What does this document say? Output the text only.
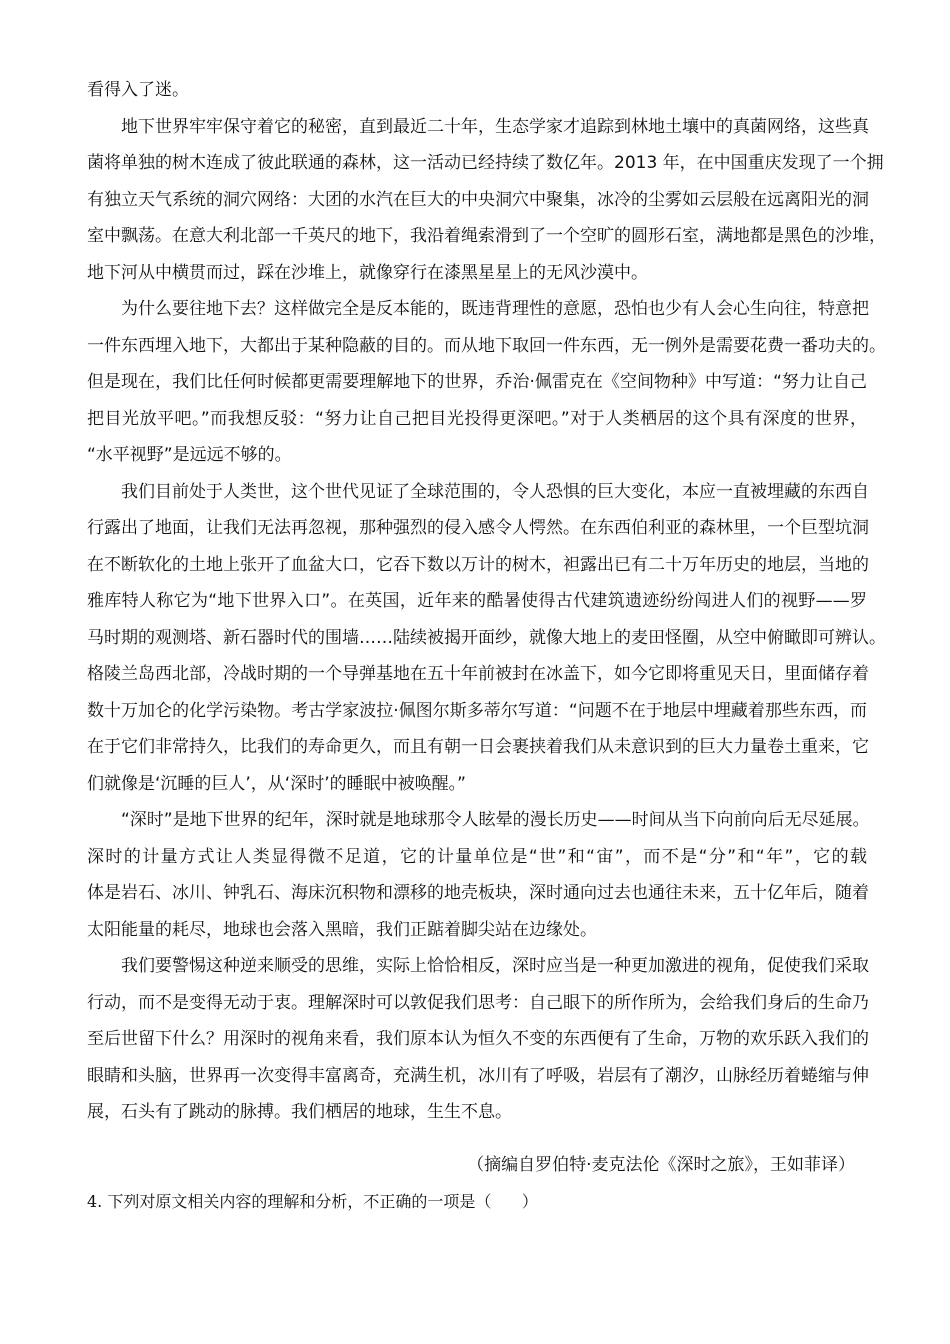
看得入了迷。
　　地下世界牢牢保守着它的秘密，直到最近二十年，生态学家才追踪到林地土壤中的真菌网络，这些真
菌将单独的树木连成了彼此联通的森林，这一活动已经持续了数亿年。2013 年，在中国重庆发现了一个拥
有独立天气系统的洞穴网络：大团的水汽在巨大的中央洞穴中聚集，冰冷的尘雾如云层般在远离阳光的洞
室中飘荡。在意大利北部一千英尺的地下，我沿着绳索滑到了一个空旷的圆形石室，满地都是黑色的沙堆，
地下河从中横贯而过，踩在沙堆上，就像穿行在漆黑星星上的无风沙漠中。
　　为什么要往地下去？这样做完全是反本能的，既违背理性的意愿，恐怕也少有人会心生向往，特意把
一件东西埋入地下，大都出于某种隐蔽的目的。而从地下取回一件东西，无一例外是需要花费一番功夫的。
但是现在，我们比任何时候都更需要理解地下的世界，乔治·佩雷克在《空间物种》中写道：“努力让自己
把目光放平吧。”而我想反驳：“努力让自己把目光投得更深吧。”对于人类栖居的这个具有深度的世界，
“水平视野”是远远不够的。
　　我们目前处于人类世，这个世代见证了全球范围的，令人恐惧的巨大变化，本应一直被埋藏的东西自
行露出了地面，让我们无法再忽视，那种强烈的侵入感令人愕然。在东西伯利亚的森林里，一个巨型坑洞
在不断软化的土地上张开了血盆大口，它吞下数以万计的树木，袒露出已有二十万年历史的地层，当地的
雅库特人称它为“地下世界入口”。在英国，近年来的酷暑使得古代建筑遗迹纷纷闯进人们的视野——罗
马时期的观测塔、新石器时代的围墙……陆续被揭开面纱，就像大地上的麦田怪圈，从空中俯瞰即可辨认。
格陵兰岛西北部，冷战时期的一个导弹基地在五十年前被封在冰盖下，如今它即将重见天日，里面储存着
数十万加仑的化学污染物。考古学家波拉·佩图尔斯多蒂尔写道：“问题不在于地层中埋藏着那些东西，而
在于它们非常持久，比我们的寿命更久，而且有朝一日会裹挟着我们从未意识到的巨大力量卷土重来，它
们就像是‘沉睡的巨人’，从‘深时’的睡眠中被唤醒。”
　　“深时”是地下世界的纪年，深时就是地球那令人眩晕的漫长历史——时间从当下向前向后无尽延展。
深时的计量方式让人类显得微不足道，它的计量单位是“世”和“宙”，而不是“分”和“年”，它的载
体是岩石、冰川、钟乳石、海床沉积物和漂移的地壳板块，深时通向过去也通往未来，五十亿年后，随着
太阳能量的耗尽，地球也会落入黑暗，我们正踮着脚尖站在边缘处。
　　我们要警惕这种逆来顺受的思维，实际上恰恰相反，深时应当是一种更加激进的视角，促使我们采取
行动，而不是变得无动于衷。理解深时可以敦促我们思考：自己眼下的所作所为，会给我们身后的生命乃
至后世留下什么？用深时的视角来看，我们原本认为恒久不变的东西便有了生命，万物的欢乐跃入我们的
眼睛和头脑，世界再一次变得丰富离奇，充满生机，冰川有了呼吸，岩层有了潮汐，山脉经历着蜷缩与伸
展，石头有了跳动的脉搏。我们栖居的地球，生生不息。
（摘编自罗伯特·麦克法伦《深时之旅》，王如菲译）
4. 下列对原文相关内容的理解和分析，不正确的一项是（      ）
